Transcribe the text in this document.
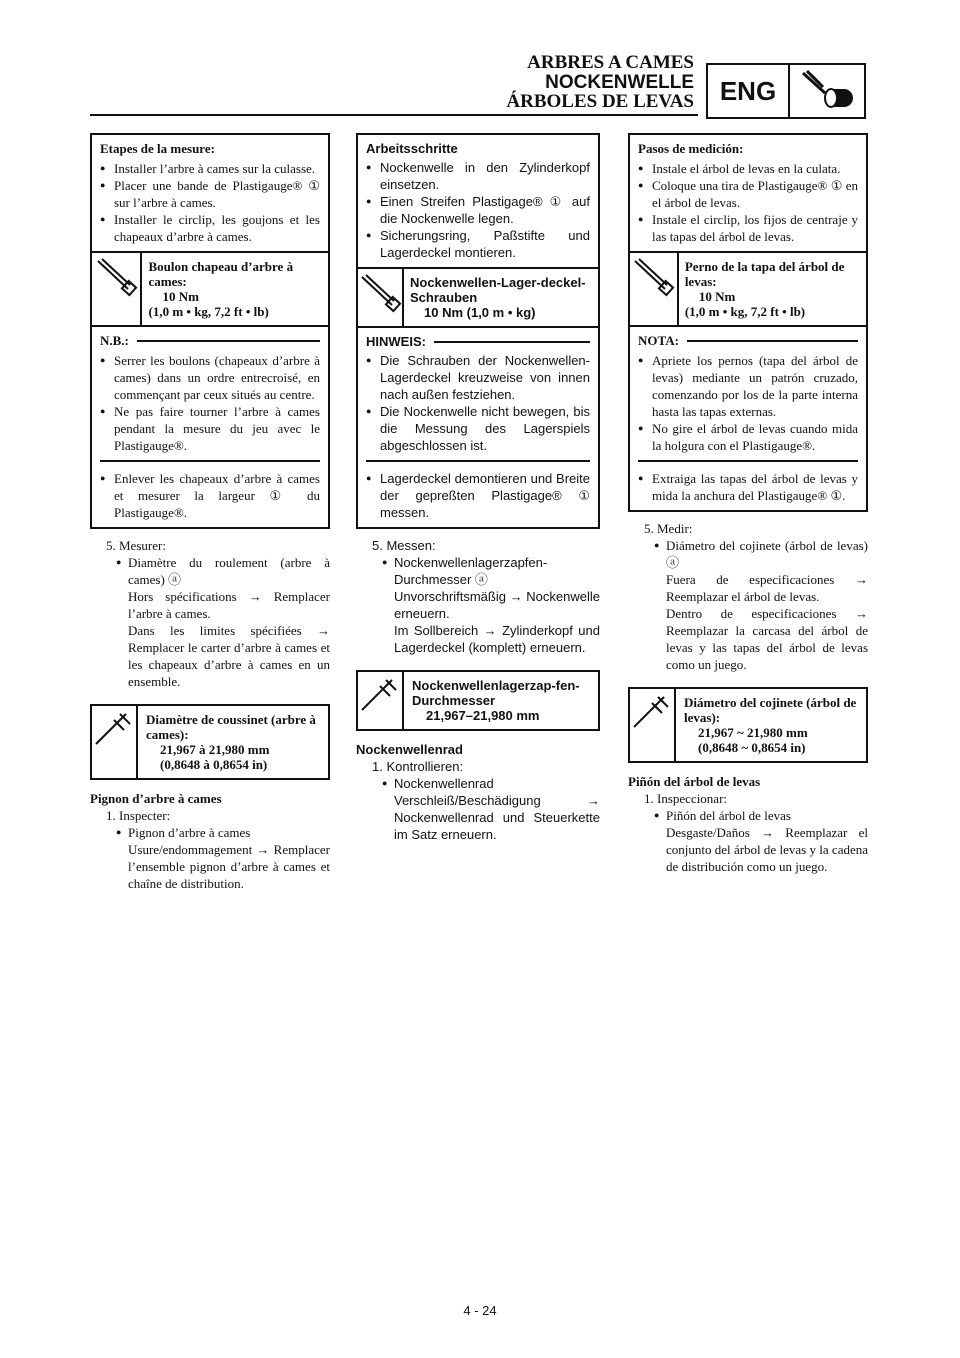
ARBRES A CAMES
NOCKENWELLE
ÁRBOLES DE LEVAS ENG
Etapes de la mesure:
● Installer l’arbre à cames sur la culasse.
● Placer une bande de Plastigauge® ① sur l’arbre à cames.
● Installer le circlip, les goujons et les chapeaux d’arbre à cames.
Boulon chapeau d’arbre à cames:
10 Nm
(1,0 m • kg, 7,2 ft • lb)
N.B.:
● Serrer les boulons (chapeaux d’arbre à cames) dans un ordre entrecroisé, en commençant par ceux situés au centre.
● Ne pas faire tourner l’arbre à cames pendant la mesure du jeu avec le Plastigauge®.
● Enlever les chapeaux d’arbre à cames et mesurer la largeur ① du Plastigauge®.
5. Mesurer:
● Diamètre du roulement (arbre à cames) ⓐ
Hors spécifications → Remplacer l’arbre à cames.
Dans les limites spécifiées → Remplacer le carter d’arbre à cames et les chapeaux d’arbre à cames en un ensemble.
Diamètre de coussinet (arbre à cames):
21,967 à 21,980 mm
(0,8648 à 0,8654 in)
Pignon d’arbre à cames
1. Inspecter:
● Pignon d’arbre à cames
Usure/endommagement → Remplacer l’ensemble pignon d’arbre à cames et chaîne de distribution.
Arbeitsschritte
● Nockenwelle in den Zylinderkopf einsetzen.
● Einen Streifen Plastigage® ① auf die Nockenwelle legen.
● Sicherungsring, Paßstifte und Lagerdeckel montieren.
Nockenwellen-Lager-deckel-Schrauben
10 Nm (1,0 m • kg)
HINWEIS:
● Die Schrauben der Nockenwellen-Lagerdeckel kreuzweise von innen nach außen festziehen.
● Die Nockenwelle nicht bewegen, bis die Messung des Lagerspiels abgeschlossen ist.
● Lagerdeckel demontieren und Breite der gepreßten Plastigage® ① messen.
5. Messen:
● Nockenwellenlagerzapfen-Durchmesser ⓐ
Unvorschriftsmäßig → Nockenwelle erneuern.
Im Sollbereich → Zylinderkopf und Lagerdeckel (komplett) erneuern.
Nockenwellenlagerzap-fen-Durchmesser
21,967–21,980 mm
Nockenwellenrad
1. Kontrollieren:
● Nockenwellenrad
Verschleiß/Beschädigung → Nockenwellenrad und Steuerkette im Satz erneuern.
Pasos de medición:
● Instale el árbol de levas en la culata.
● Coloque una tira de Plastigauge® ① en el árbol de levas.
● Instale el circlip, los fijos de centraje y las tapas del árbol de levas.
Perno de la tapa del árbol de levas:
10 Nm
(1,0 m • kg, 7,2 ft • lb)
NOTA:
● Apriete los pernos (tapa del árbol de levas) mediante un patrón cruzado, comenzando por los de la parte interna hasta las tapas externas.
● No gire el árbol de levas cuando mida la holgura con el Plastigauge®.
● Extraiga las tapas del árbol de levas y mida la anchura del Plastigauge® ①.
5. Medir:
● Diámetro del cojinete (árbol de levas) ⓐ
Fuera de especificaciones → Reemplazar el árbol de levas.
Dentro de especificaciones → Reemplazar la carcasa del árbol de levas y las tapas del árbol de levas como un juego.
Diámetro del cojinete (árbol de levas):
21,967 ~ 21,980 mm
(0,8648 ~ 0,8654 in)
Piñón del árbol de levas
1. Inspeccionar:
● Piñón del árbol de levas
Desgaste/Daños → Reemplazar el conjunto del árbol de levas y la cadena de distribución como un juego.
4 - 24
